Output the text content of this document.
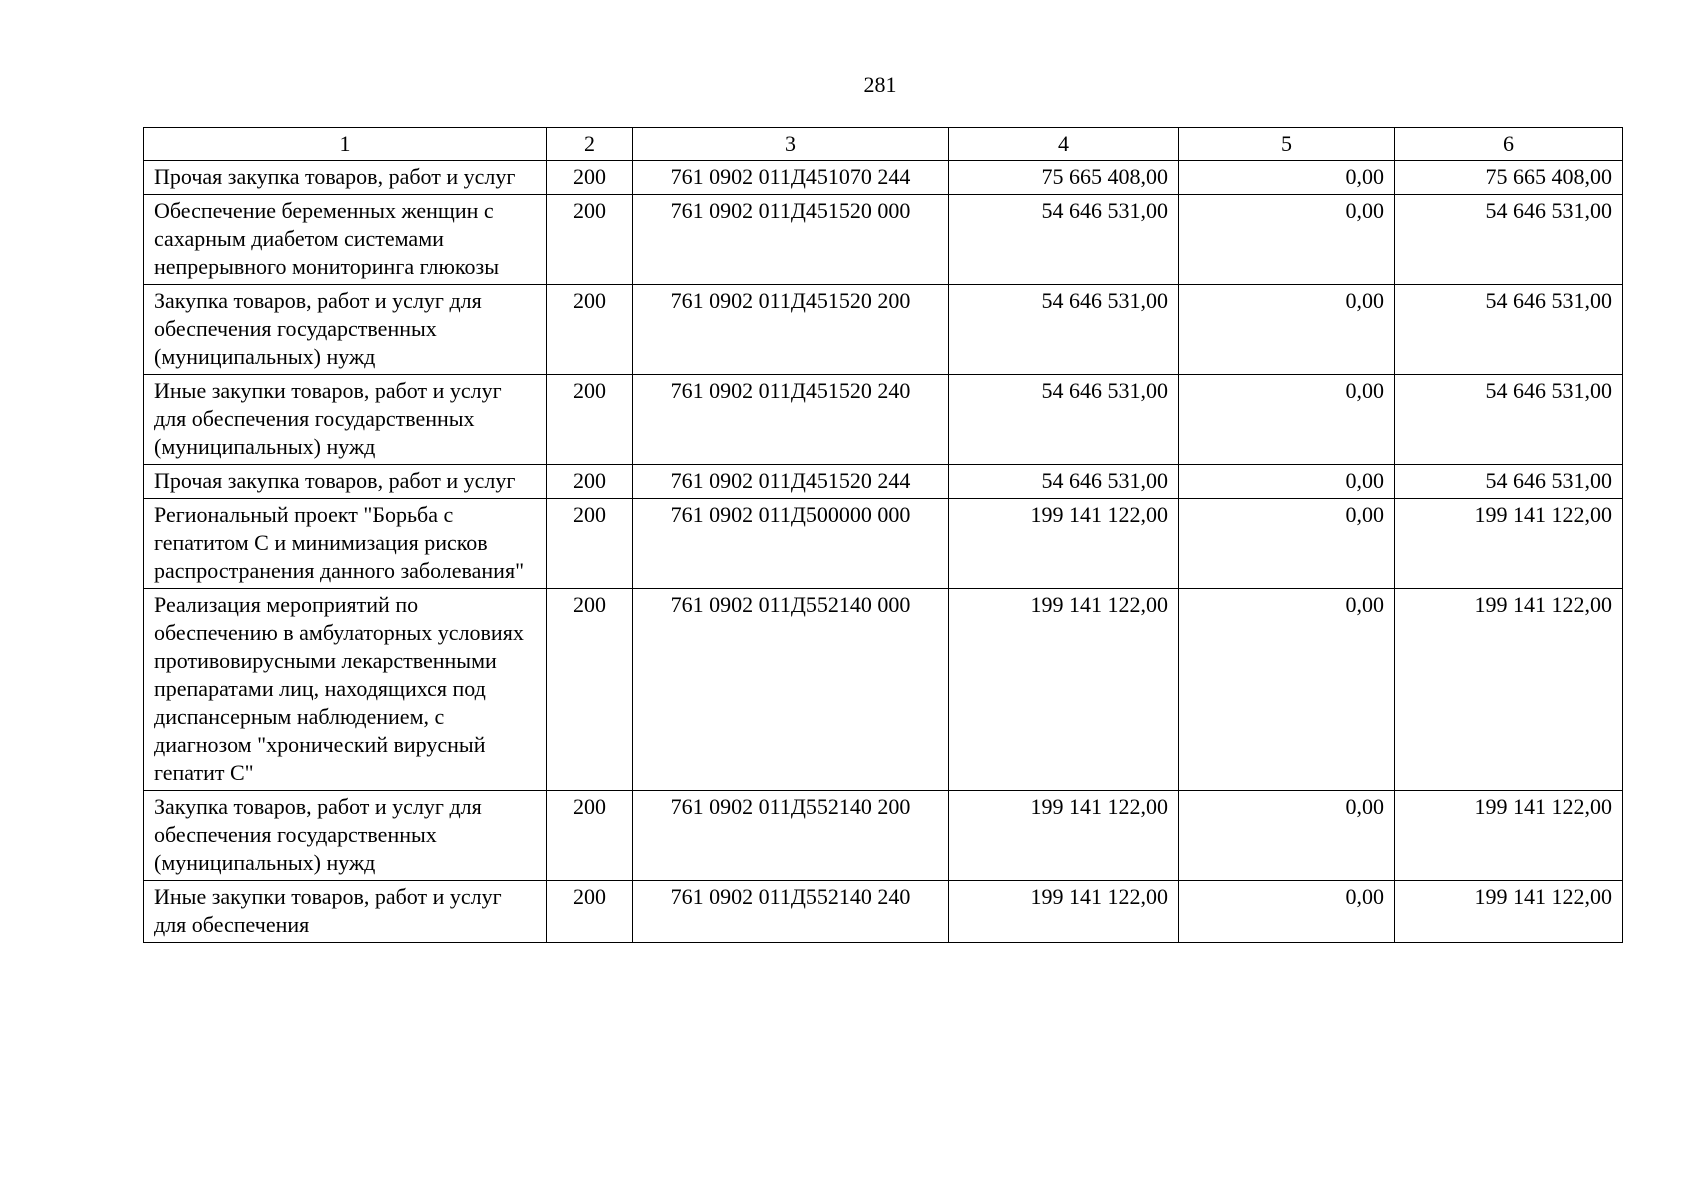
281
1	2	3	4	5	6
Прочая закупка товаров, работ и услуг	200	761 0902 011Д451070 244	75 665 408,00	0,00	75 665 408,00
Обеспечение беременных женщин с сахарным диабетом системами непрерывного мониторинга глюкозы	200	761 0902 011Д451520 000	54 646 531,00	0,00	54 646 531,00
Закупка товаров, работ и услуг для обеспечения государственных (муниципальных) нужд	200	761 0902 011Д451520 200	54 646 531,00	0,00	54 646 531,00
Иные закупки товаров, работ и услуг для обеспечения государственных (муниципальных) нужд	200	761 0902 011Д451520 240	54 646 531,00	0,00	54 646 531,00
Прочая закупка товаров, работ и услуг	200	761 0902 011Д451520 244	54 646 531,00	0,00	54 646 531,00
Региональный проект "Борьба с гепатитом С и минимизация рисков распространения данного заболевания"	200	761 0902 011Д500000 000	199 141 122,00	0,00	199 141 122,00
Реализация мероприятий по обеспечению в амбулаторных условиях противовирусными лекарственными препаратами лиц, находящихся под диспансерным наблюдением, с диагнозом "хронический вирусный гепатит С"	200	761 0902 011Д552140 000	199 141 122,00	0,00	199 141 122,00
Закупка товаров, работ и услуг для обеспечения государственных (муниципальных) нужд	200	761 0902 011Д552140 200	199 141 122,00	0,00	199 141 122,00
Иные закупки товаров, работ и услуг для обеспечения	200	761 0902 011Д552140 240	199 141 122,00	0,00	199 141 122,00
